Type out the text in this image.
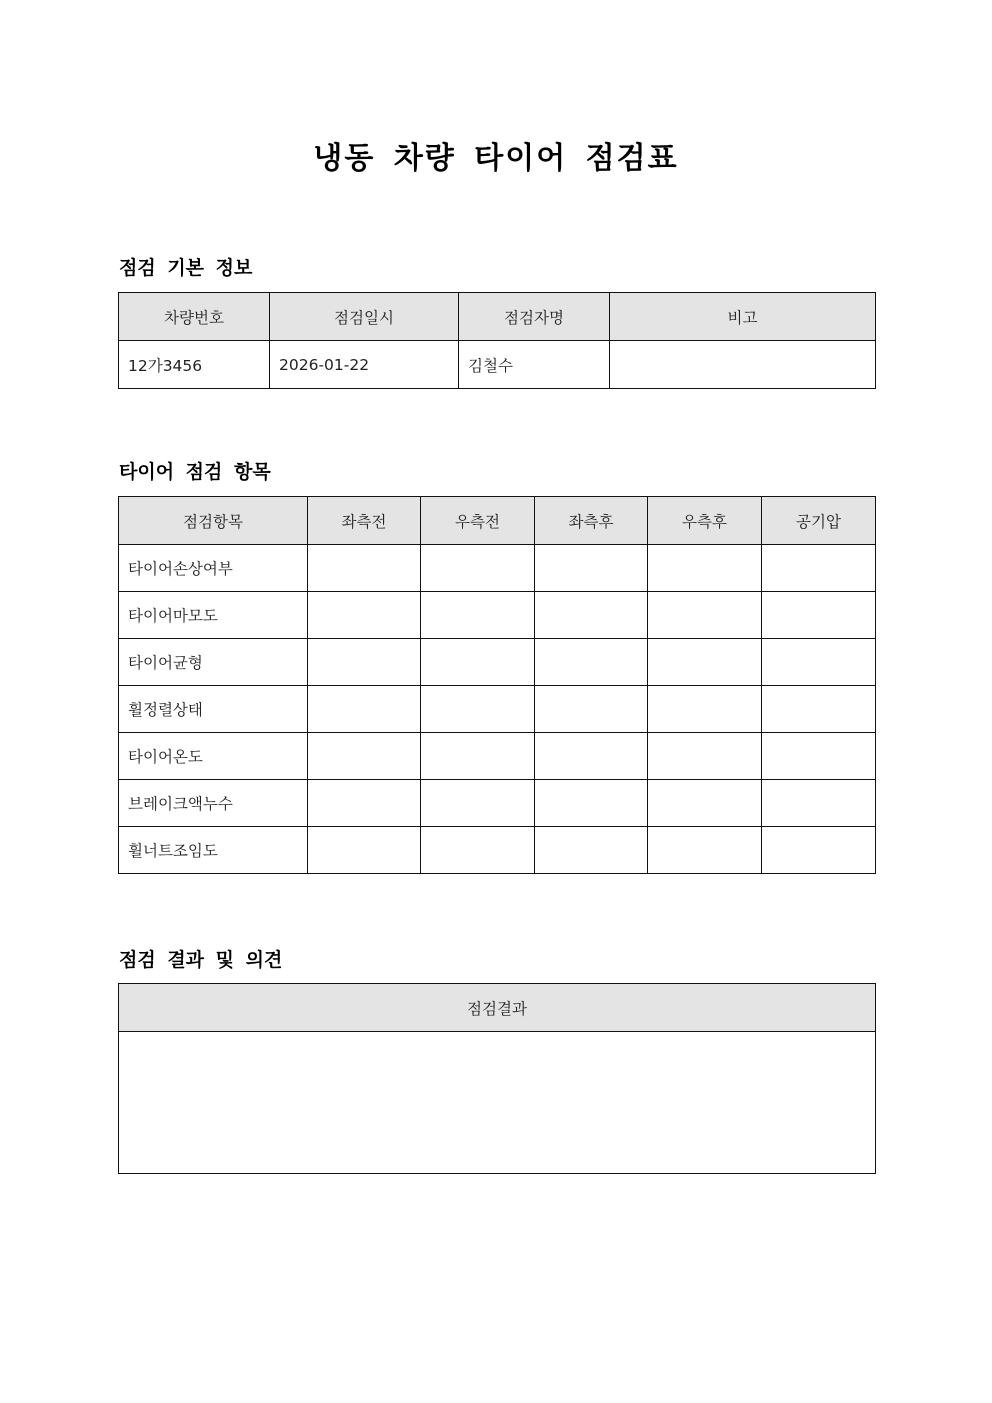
냉동 차량 타이어 점검표
점검 기본 정보
차량번호	점검일시	점검자명	비고
12가3456	2026-01-22	김철수	
타이어 점검 항목
점검항목	좌측전	우측전	좌측후	우측후	공기압
타이어손상여부					
타이어마모도					
타이어균형					
휠정렬상태					
타이어온도					
브레이크액누수					
휠너트조임도					
점검 결과 및 의견
점검결과
